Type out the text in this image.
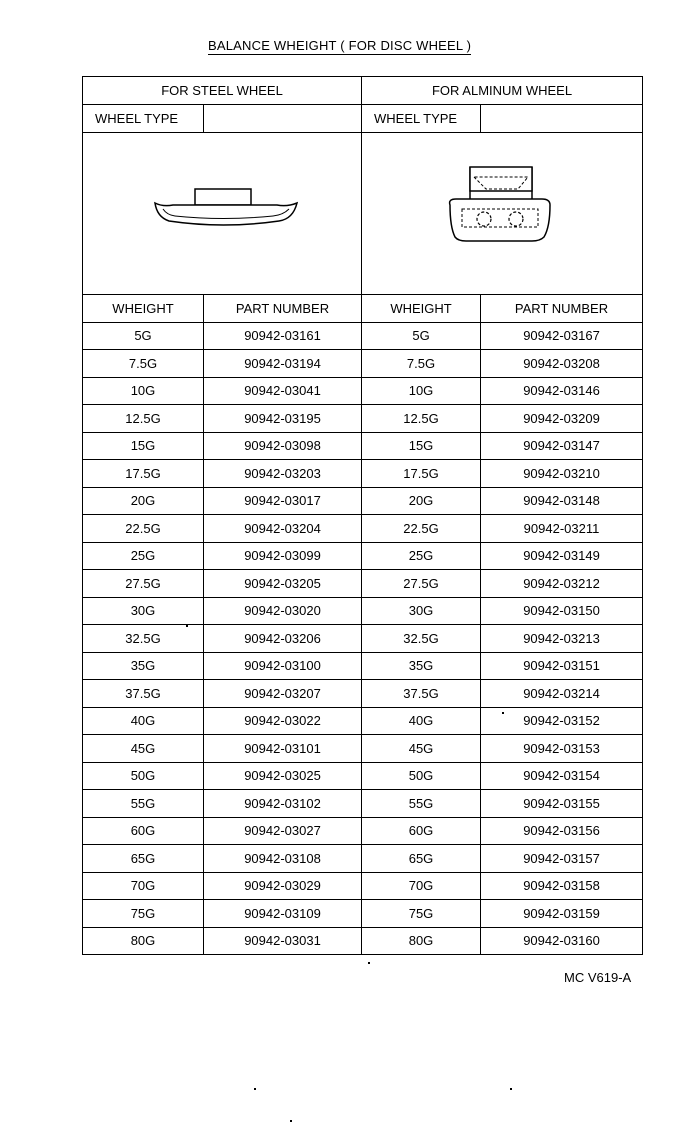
BALANCE WHEIGHT ( FOR DISC WHEEL )
FOR STEEL WHEEL		FOR ALMINUM WHEEL	
WHEEL TYPE		WHEEL TYPE	

WHEIGHT	PART NUMBER	WHEIGHT	PART NUMBER
5G	90942-03161	5G	90942-03167
7.5G	90942-03194	7.5G	90942-03208
10G	90942-03041	10G	90942-03146
12.5G	90942-03195	12.5G	90942-03209
15G	90942-03098	15G	90942-03147
17.5G	90942-03203	17.5G	90942-03210
20G	90942-03017	20G	90942-03148
22.5G	90942-03204	22.5G	90942-03211
25G	90942-03099	25G	90942-03149
27.5G	90942-03205	27.5G	90942-03212
30G	90942-03020	30G	90942-03150
32.5G	90942-03206	32.5G	90942-03213
35G	90942-03100	35G	90942-03151
37.5G	90942-03207	37.5G	90942-03214
40G	90942-03022	40G	90942-03152
45G	90942-03101	45G	90942-03153
50G	90942-03025	50G	90942-03154
55G	90942-03102	55G	90942-03155
60G	90942-03027	60G	90942-03156
65G	90942-03108	65G	90942-03157
70G	90942-03029	70G	90942-03158
75G	90942-03109	75G	90942-03159
80G	90942-03031	80G	90942-03160
MC V619-A
